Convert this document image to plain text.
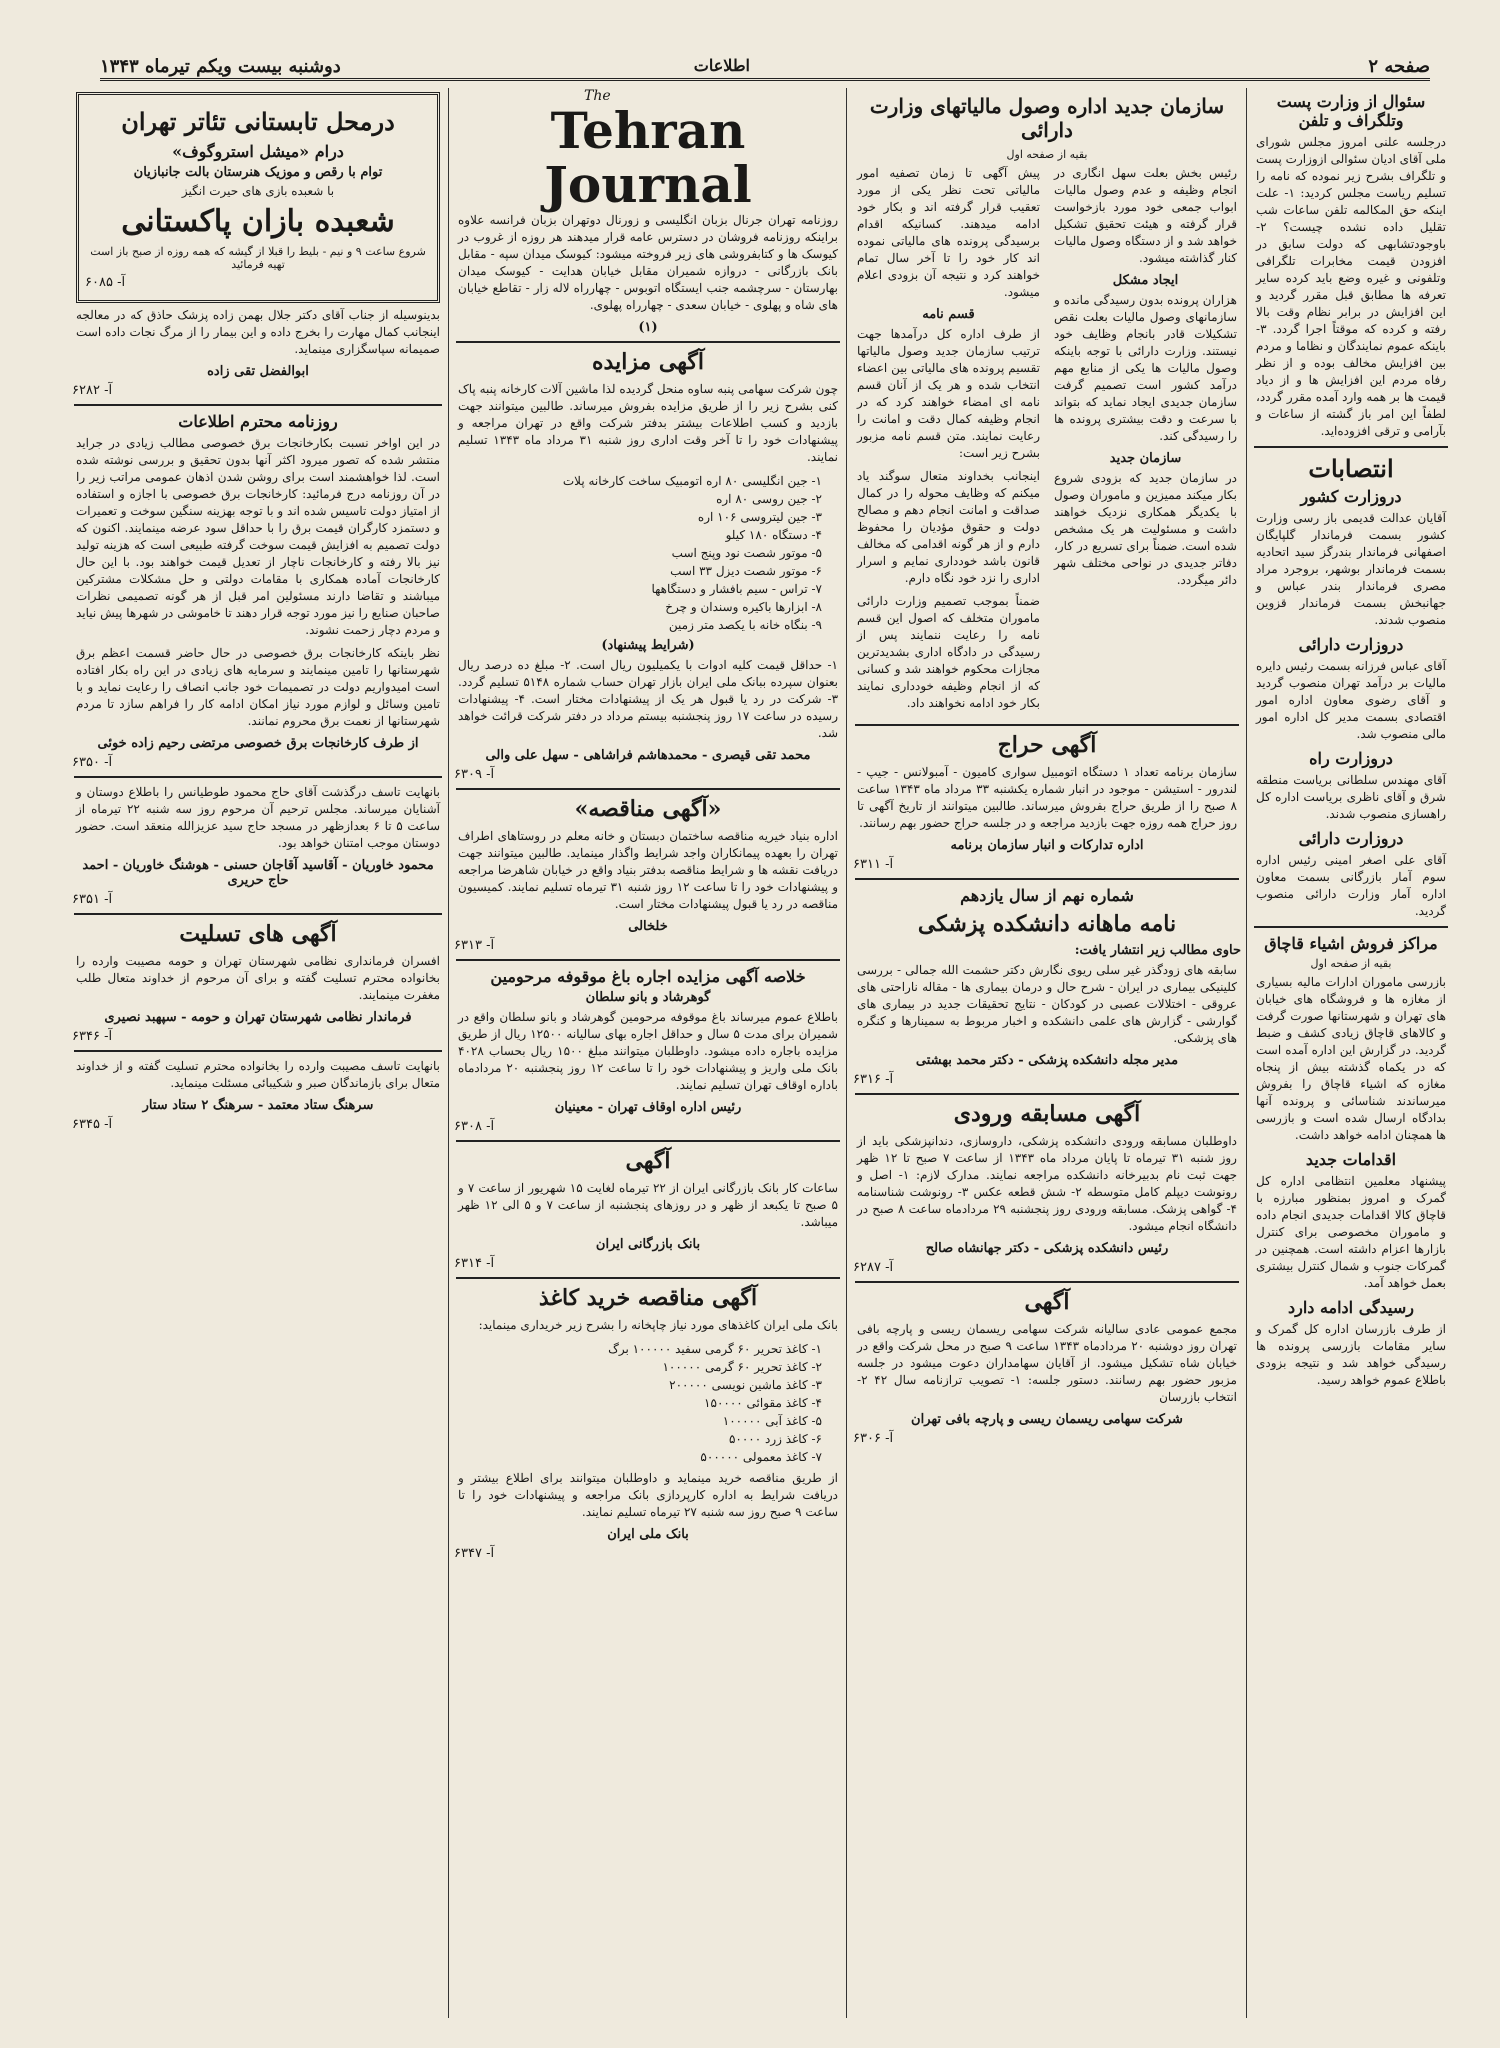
صفحه ۲
اطلاعات
دوشنبه بیست ویکم تیرماه ۱۳۴۳
سئوال از وزارت پست وتلگراف و تلفن

درجلسه علنی امروز مجلس شورای ملی آقای ادیان سئوالی ازوزارت پست و تلگراف بشرح زیر نموده که نامه را تسلیم ریاست مجلس کردید: ۱- علت اینکه حق المکالمه تلفن ساعات شب تقلیل داده نشده چیست؟ ۲- باوجودتشابهی که دولت سابق در افزودن قیمت مخابرات تلگرافی وتلفونی و غیره وضع باید کرده سایر تعرفه ها مطابق قبل مقرر گردید و این افزایش در برابر نظام وقت بالا رفته و کرده که موقتاً اجرا گردد. ۳- باینکه عموم نمایندگان و نظاما و مردم بین افزایش مخالف بوده و از نظر رفاه مردم این افزایش ها و از دیاد قیمت ها بر همه وارد آمده مقرر گردد، لطفاً این امر باز گشته از ساعات و بآرامی و ترقی افزوده‌اید.

انتصابات
دروزارت کشور

آقایان عدالت قدیمی باز رسی وزارت کشور بسمت فرماندار گلپایگان اصفهانی فرماندار بندرگز سید اتحادیه بسمت فرماندار بوشهر، بروجرد مراد مصری فرماندار بندر عباس و جهانبخش بسمت فرماندار قزوین منصوب شدند.

دروزارت دارائی

آقای عباس فرزانه بسمت رئیس دایره مالیات بر درآمد تهران منصوب گردید و آقای رضوی معاون اداره امور اقتصادی بسمت مدیر کل اداره امور مالی منصوب شد.

دروزارت راه

آقای مهندس سلطانی بریاست منطقه شرق و آقای ناظری بریاست اداره کل راهسازی منصوب شدند.

دروزارت دارائی

آقای علی اصغر امینی رئیس اداره سوم آمار بازرگانی بسمت معاون اداره آمار وزارت دارائی منصوب گردید.

مراکز فروش اشیاء قاچاق
بقیه از صفحه اول

بازرسی ماموران ادارات مالیه بسیاری از مغازه ها و فروشگاه های خیابان های تهران و شهرستانها صورت گرفت و کالاهای قاچاق زیادی کشف و ضبط گردید. در گزارش این اداره آمده است که در یکماه گذشته بیش از پنجاه مغازه که اشیاء قاچاق را بفروش میرساندند شناسائی و پرونده آنها بدادگاه ارسال شده است و بازرسی ها همچنان ادامه خواهد داشت.

اقدامات جدید

پیشنهاد معلمین انتظامی اداره کل گمرک و امروز بمنظور مبارزه با قاچاق کالا اقدامات جدیدی انجام داده و ماموران مخصوصی برای کنترل بازارها اعزام داشته است. همچنین در گمرکات جنوب و شمال کنترل بیشتری بعمل خواهد آمد.

رسیدگی ادامه دارد

از طرف بازرسان اداره کل گمرک و سایر مقامات بازرسی پرونده ها رسیدگی خواهد شد و نتیجه بزودی باطلاع عموم خواهد رسید.

سازمان جدید اداره وصول مالیاتهای وزارت دارائی
بقیه از صفحه اول

رئیس بخش بعلت سهل انگاری در انجام وظیفه و عدم وصول مالیات ابواب جمعی خود مورد بازخواست قرار گرفته و هیئت تحقیق تشکیل خواهد شد و از دستگاه وصول مالیات کنار گذاشته میشود.

ایجاد مشکل

هزاران پرونده بدون رسیدگی مانده و سازمانهای وصول مالیات بعلت نقص تشکیلات قادر بانجام وظایف خود نیستند. وزارت دارائی با توجه باینکه وصول مالیات ها یکی از منابع مهم درآمد کشور است تصمیم گرفت سازمان جدیدی ایجاد نماید که بتواند با سرعت و دقت بیشتری پرونده ها را رسیدگی کند.

سازمان جدید

در سازمان جدید که بزودی شروع بکار میکند ممیزین و ماموران وصول با یکدیگر همکاری نزدیک خواهند داشت و مسئولیت هر یک مشخص شده است. ضمناً برای تسریع در کار، دفاتر جدیدی در نواحی مختلف شهر دائر میگردد.

پیش آگهی تا زمان تصفیه امور مالیاتی تحت نظر یکی از مورد تعقیب قرار گرفته اند و بکار خود ادامه میدهند. کسانیکه اقدام برسیدگی پرونده های مالیاتی نموده اند کار خود را تا آخر سال تمام خواهند کرد و نتیجه آن بزودی اعلام میشود.

قسم نامه

از طرف اداره کل درآمدها جهت ترتیب سازمان جدید وصول مالیاتها تقسیم پرونده های مالیاتی بین اعضاء انتخاب شده و هر یک از آنان قسم نامه ای امضاء خواهند کرد که در انجام وظیفه کمال دقت و امانت را رعایت نمایند. متن قسم نامه مزبور بشرح زیر است:

اینجانب بخداوند متعال سوگند یاد میکنم که وظایف محوله را در کمال صداقت و امانت انجام دهم و مصالح دولت و حقوق مؤدیان را محفوظ دارم و از هر گونه اقدامی که مخالف قانون باشد خودداری نمایم و اسرار اداری را نزد خود نگاه دارم.

ضمناً بموجب تصمیم وزارت دارائی ماموران متخلف که اصول این قسم نامه را رعایت ننمایند پس از رسیدگی در دادگاه اداری بشدیدترین مجازات محکوم خواهند شد و کسانی که از انجام وظیفه خودداری نمایند بکار خود ادامه نخواهند داد.

آگهی حراج

سازمان برنامه تعداد ۱ دستگاه اتومبیل سواری کامیون - آمبولانس - جیپ - لندرور - استیشن - موجود در انبار شماره یکشنبه ۳۳ مرداد ماه ۱۳۴۳ ساعت ۸ صبح را از طریق حراج بفروش میرساند. طالبین میتوانند از تاریخ آگهی تا روز حراج همه روزه جهت بازدید مراجعه و در جلسه حراج حضور بهم رسانند.

اداره تدارکات و انبار سازمان برنامه
آ- ۶۳۱۱
شماره نهم از سال یازدهم
نامه ماهانه دانشکده پزشکی
حاوی مطالب زیر انتشار یافت:

سابقه های زودگذر غیر سلی ریوی نگارش دکتر حشمت الله جمالی - بررسی کلینیکی بیماری در ایران - شرح حال و درمان بیماری ها - مقاله ناراحتی های عروقی - اختلالات عصبی در کودکان - نتایج تحقیقات جدید در بیماری های گوارشی - گزارش های علمی دانشکده و اخبار مربوط به سمینارها و کنگره های پزشکی.

مدیر مجله دانشکده پزشکی - دکتر محمد بهشتی
آ- ۶۳۱۶
آگهی مسابقه ورودی

داوطلبان مسابقه ورودی دانشکده پزشکی، داروسازی، دندانپزشکی باید از روز شنبه ۳۱ تیرماه تا پایان مرداد ماه ۱۳۴۳ از ساعت ۷ صبح تا ۱۲ ظهر جهت ثبت نام بدبیرخانه دانشکده مراجعه نمایند. مدارک لازم: ۱- اصل و رونوشت دیپلم کامل متوسطه ۲- شش قطعه عکس ۳- رونوشت شناسنامه ۴- گواهی پزشک. مسابقه ورودی روز پنجشنبه ۲۹ مردادماه ساعت ۸ صبح در دانشگاه انجام میشود.

رئیس دانشکده پزشکی - دکتر جهانشاه صالح
آ- ۶۲۸۷
آگهی

مجمع عمومی عادی سالیانه شرکت سهامی ریسمان ریسی و پارچه بافی تهران روز دوشنبه ۲۰ مردادماه ۱۳۴۳ ساعت ۹ صبح در محل شرکت واقع در خیابان شاه تشکیل میشود. از آقایان سهامداران دعوت میشود در جلسه مزبور حضور بهم رسانند. دستور جلسه: ۱- تصویب ترازنامه سال ۴۲ ۲- انتخاب بازرسان

شرکت سهامی ریسمان ریسی و پارچه بافی تهران
آ- ۶۳۰۶
The
Tehran Journal

روزنامه تهران جرنال بزبان انگلیسی و زورنال دوتهران بزبان فرانسه علاوه براینکه روزنامه فروشان در دسترس عامه قرار میدهند هر روزه از غروب در کیوسک ها و کتابفروشی های زیر فروخته میشود: کیوسک میدان سپه - مقابل بانک بازرگانی - دروازه شمیران مقابل خیابان هدایت - کیوسک میدان بهارستان - سرچشمه جنب ایستگاه اتوبوس - چهارراه لاله زار - تقاطع خیابان های شاه و پهلوی - خیابان سعدی - چهارراه پهلوی.

(۱)
آگهی مزایده

چون شرکت سهامی پنبه ساوه منحل گردیده لذا ماشین آلات کارخانه پنبه پاک کنی بشرح زیر را از طریق مزایده بفروش میرساند. طالبین میتوانند جهت بازدید و کسب اطلاعات بیشتر بدفتر شرکت واقع در تهران مراجعه و پیشنهادات خود را تا آخر وقت اداری روز شنبه ۳۱ مرداد ماه ۱۳۴۳ تسلیم نمایند.

۱- جین انگلیسی ۸۰ اره اتومبیک ساخت کارخانه پلات
۲- جین روسی ۸۰ اره
۳- جین لیتروسی ۱۰۶ اره
۴- دستگاه ۱۸۰ کیلو
۵- موتور شصت نود وپنج اسب
۶- موتور شصت دیزل ۳۳ اسب
۷- تراس - سیم بافشار و دستگاهها
۸- ابزارها باکیره وسندان و چرخ
۹- بنگاه خانه با یکصد متر زمین
(شرایط پیشنهاد)

۱- حداقل قیمت کلیه ادوات با یکمیلیون ریال است. ۲- مبلغ ده درصد ریال بعنوان سپرده ببانک ملی ایران بازار تهران حساب شماره ۵۱۴۸ تسلیم گردد. ۳- شرکت در رد یا قبول هر یک از پیشنهادات مختار است. ۴- پیشنهادات رسیده در ساعت ۱۷ روز پنجشنبه بیستم مرداد در دفتر شرکت قرائت خواهد شد.

محمد تقی قیصری - محمدهاشم فراشاهی - سهل علی والی
آ- ۶۳۰۹
«آگهی مناقصه»

اداره بنیاد خیریه مناقصه ساختمان دبستان و خانه معلم در روستاهای اطراف تهران را بعهده پیمانکاران واجد شرایط واگذار مینماید. طالبین میتوانند جهت دریافت نقشه ها و شرایط مناقصه بدفتر بنیاد واقع در خیابان شاهرضا مراجعه و پیشنهادات خود را تا ساعت ۱۲ روز شنبه ۳۱ تیرماه تسلیم نمایند. کمیسیون مناقصه در رد یا قبول پیشنهادات مختار است.

خلخالی
آ- ۶۳۱۳
خلاصه آگهی مزایده اجاره باغ موقوفه مرحومین
گوهرشاد و بانو سلطان

باطلاع عموم میرساند باغ موقوفه مرحومین گوهرشاد و بانو سلطان واقع در شمیران برای مدت ۵ سال و حداقل اجاره بهای سالیانه ۱۲۵۰۰ ریال از طریق مزایده باجاره داده میشود. داوطلبان میتوانند مبلغ ۱۵۰۰ ریال بحساب ۴۰۲۸ بانک ملی واریز و پیشنهادات خود را تا ساعت ۱۲ روز پنجشنبه ۲۰ مردادماه باداره اوقاف تهران تسلیم نمایند.

رئیس اداره اوقاف تهران - معینیان
آ- ۶۳۰۸
آگهی

ساعات کار بانک بازرگانی ایران از ۲۲ تیرماه لغایت ۱۵ شهریور از ساعت ۷ و ۵ صبح تا یکبعد از ظهر و در روزهای پنجشنبه از ساعت ۷ و ۵ الی ۱۲ ظهر میباشد.

بانک بازرگانی ایران
آ- ۶۳۱۴
آگهی مناقصه خرید کاغذ

بانک ملی ایران کاغذهای مورد نیاز چاپخانه را بشرح زیر خریداری مینماید:

۱- کاغذ تحریر ۶۰ گرمی سفید ۱۰۰۰۰۰ برگ
۲- کاغذ تحریر ۶۰ گرمی ۱۰۰۰۰۰
۳- کاغذ ماشین نویسی ۲۰۰۰۰۰
۴- کاغذ مقوائی ۱۵۰۰۰۰
۵- کاغذ آبی ۱۰۰۰۰۰
۶- کاغذ زرد ۵۰۰۰۰
۷- کاغذ معمولی ۵۰۰۰۰۰

از طریق مناقصه خرید مینماید و داوطلبان میتوانند برای اطلاع بیشتر و دریافت شرایط به اداره کارپردازی بانک مراجعه و پیشنهادات خود را تا ساعت ۹ صبح روز سه شنبه ۲۷ تیرماه تسلیم نمایند.

بانک ملی ایران
آ- ۶۳۴۷
درمحل تابستانی تئاتر تهران
درام «میشل استروگوف»
توام با رقص و موزیک هنرستان بالت جانبازیان
با شعبده بازی های حیرت انگیز
شعبده بازان پاکستانی
شروع ساعت ۹ و نیم - بلیط را قبلا از گیشه که همه روزه از صبح باز است تهیه فرمائید
آ- ۶۰۸۵

بدینوسیله از جناب آقای دکتر جلال بهمن زاده پزشک حاذق که در معالجه اینجانب کمال مهارت را بخرج داده و این بیمار را از مرگ نجات داده است صمیمانه سپاسگزاری مینماید.

ابوالفضل تقی زاده
آ- ۶۲۸۲
روزنامه محترم اطلاعات

در این اواخر نسبت بکارخانجات برق خصوصی مطالب زیادی در جراید منتشر شده که تصور میرود اکثر آنها بدون تحقیق و بررسی نوشته شده است. لذا خواهشمند است برای روشن شدن اذهان عمومی مراتب زیر را در آن روزنامه درج فرمائید: کارخانجات برق خصوصی با اجازه و استفاده از امتیاز دولت تاسیس شده اند و با توجه بهزینه سنگین سوخت و تعمیرات و دستمزد کارگران قیمت برق را با حداقل سود عرضه مینمایند. اکنون که دولت تصمیم به افزایش قیمت سوخت گرفته طبیعی است که هزینه تولید نیز بالا رفته و کارخانجات ناچار از تعدیل قیمت خواهند بود. با این حال کارخانجات آماده همکاری با مقامات دولتی و حل مشکلات مشترکین میباشند و تقاضا دارند مسئولین امر قبل از هر گونه تصمیمی نظرات صاحبان صنایع را نیز مورد توجه قرار دهند تا خاموشی در شهرها پیش نیاید و مردم دچار زحمت نشوند.

نظر باینکه کارخانجات برق خصوصی در حال حاضر قسمت اعظم برق شهرستانها را تامین مینمایند و سرمایه های زیادی در این راه بکار افتاده است امیدواریم دولت در تصمیمات خود جانب انصاف را رعایت نماید و با تامین وسائل و لوازم مورد نیاز امکان ادامه کار را فراهم سازد تا مردم شهرستانها از نعمت برق محروم نمانند.

از طرف کارخانجات برق خصوصی مرتضی رحیم زاده خوئی
آ- ۶۳۵۰

بانهایت تاسف درگذشت آقای حاج محمود طوطیانس را باطلاع دوستان و آشنایان میرساند. مجلس ترحیم آن مرحوم روز سه شنبه ۲۲ تیرماه از ساعت ۵ تا ۶ بعدازظهر در مسجد حاج سید عزیزالله منعقد است. حضور دوستان موجب امتنان خواهد بود.

محمود خاوریان - آقاسید آقاجان حسنی - هوشنگ خاوریان - احمد حاج حریری
آ- ۶۳۵۱
آگهی های تسلیت

افسران فرمانداری نظامی شهرستان تهران و حومه مصیبت وارده را بخانواده محترم تسلیت گفته و برای آن مرحوم از خداوند متعال طلب مغفرت مینمایند.

فرماندار نظامی شهرستان تهران و حومه - سپهبد نصیری
آ- ۶۳۴۶

بانهایت تاسف مصیبت وارده را بخانواده محترم تسلیت گفته و از خداوند متعال برای بازماندگان صبر و شکیبائی مسئلت مینماید.

سرهنگ ستاد معتمد - سرهنگ ۲ ستاد ستار
آ- ۶۳۴۵
